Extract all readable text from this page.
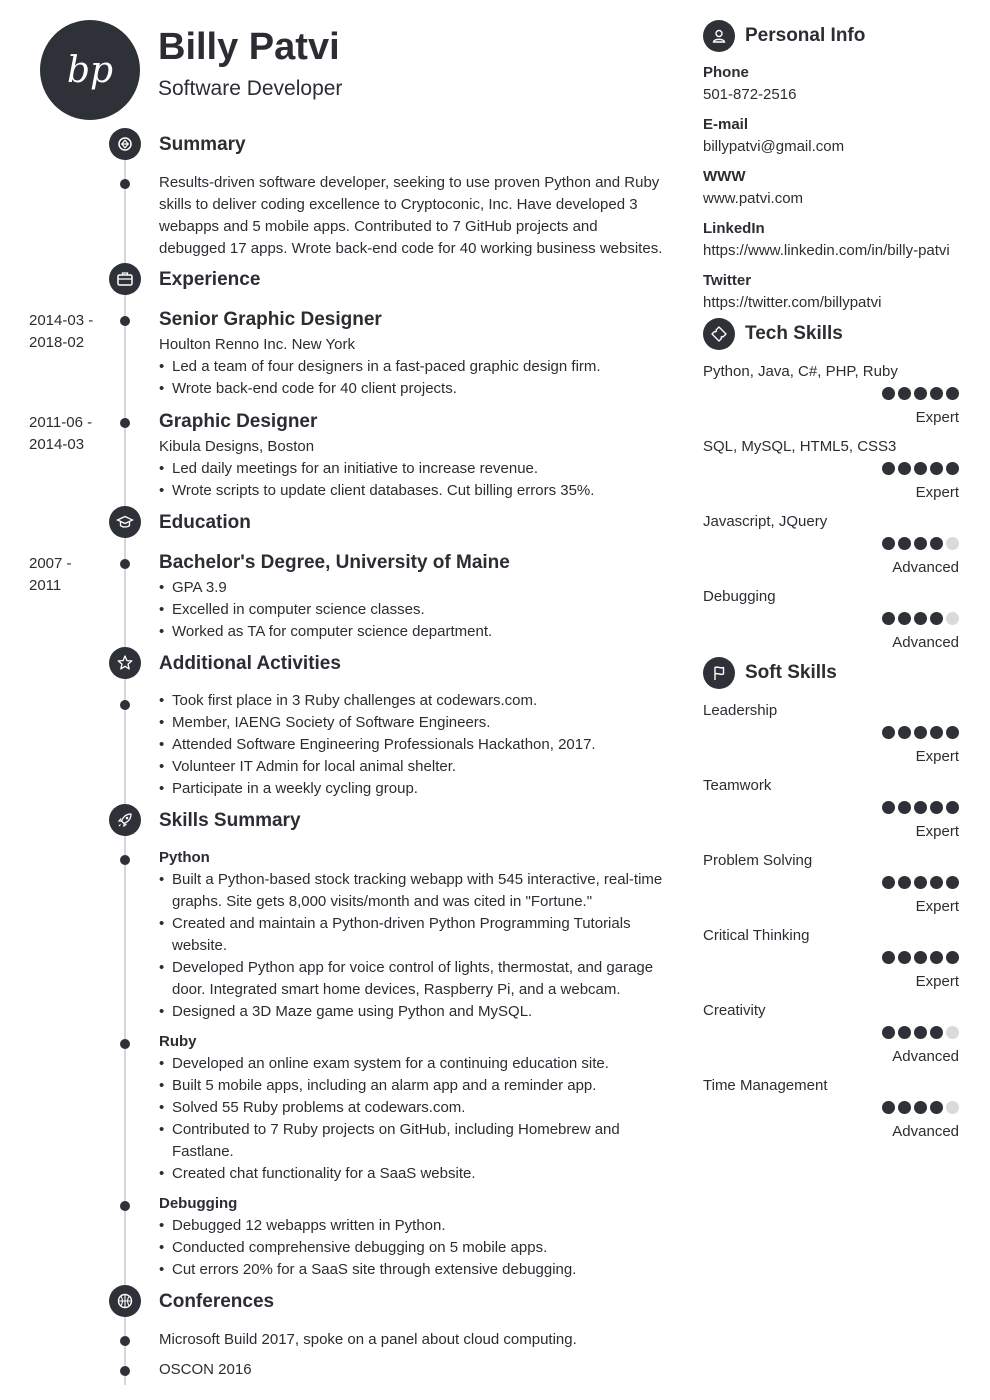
bp
Billy Patvi
Software Developer
Summary
Results-driven software developer, seeking to use proven Python and Ruby
skills to deliver coding excellence to Cryptoconic, Inc. Have developed 3
webapps and 5 mobile apps. Contributed to 7 GitHub projects and
debugged 17 apps. Wrote back-end code for 40 working business websites.
Experience
2014-03 -
2018-02
Senior Graphic Designer
Houlton Renno Inc. New York
• Led a team of four designers in a fast-paced graphic design firm.
• Wrote back-end code for 40 client projects.
2011-06 -
2014-03
Graphic Designer
Kibula Designs, Boston
• Led daily meetings for an initiative to increase revenue.
• Wrote scripts to update client databases. Cut billing errors 35%.
Education
2007 -
2011
Bachelor's Degree, University of Maine
• GPA 3.9
• Excelled in computer science classes.
• Worked as TA for computer science department.
Additional Activities
• Took first place in 3 Ruby challenges at codewars.com.
• Member, IAENG Society of Software Engineers.
• Attended Software Engineering Professionals Hackathon, 2017.
• Volunteer IT Admin for local animal shelter.
• Participate in a weekly cycling group.
Skills Summary
Python
• Built a Python-based stock tracking webapp with 545 interactive, real-time
graphs. Site gets 8,000 visits/month and was cited in "Fortune."
• Created and maintain a Python-driven Python Programming Tutorials
website.
• Developed Python app for voice control of lights, thermostat, and garage
door. Integrated smart home devices, Raspberry Pi, and a webcam.
• Designed a 3D Maze game using Python and MySQL.
Ruby
• Developed an online exam system for a continuing education site.
• Built 5 mobile apps, including an alarm app and a reminder app.
• Solved 55 Ruby problems at codewars.com.
• Contributed to 7 Ruby projects on GitHub, including Homebrew and
Fastlane.
• Created chat functionality for a SaaS website.
Debugging
• Debugged 12 webapps written in Python.
• Conducted comprehensive debugging on 5 mobile apps.
• Cut errors 20% for a SaaS site through extensive debugging.
Conferences
Microsoft Build 2017, spoke on a panel about cloud computing.
OSCON 2016
Personal Info
Phone
501-872-2516
E-mail
billypatvi@gmail.com
WWW
www.patvi.com
LinkedIn
https://www.linkedin.com/in/billy-patvi
Twitter
https://twitter.com/billypatvi
Tech Skills
Python, Java, C#, PHP, Ruby
Expert
SQL, MySQL, HTML5, CSS3
Expert
Javascript, JQuery
Advanced
Debugging
Advanced
Soft Skills
Leadership
Expert
Teamwork
Expert
Problem Solving
Expert
Critical Thinking
Expert
Creativity
Advanced
Time Management
Advanced
